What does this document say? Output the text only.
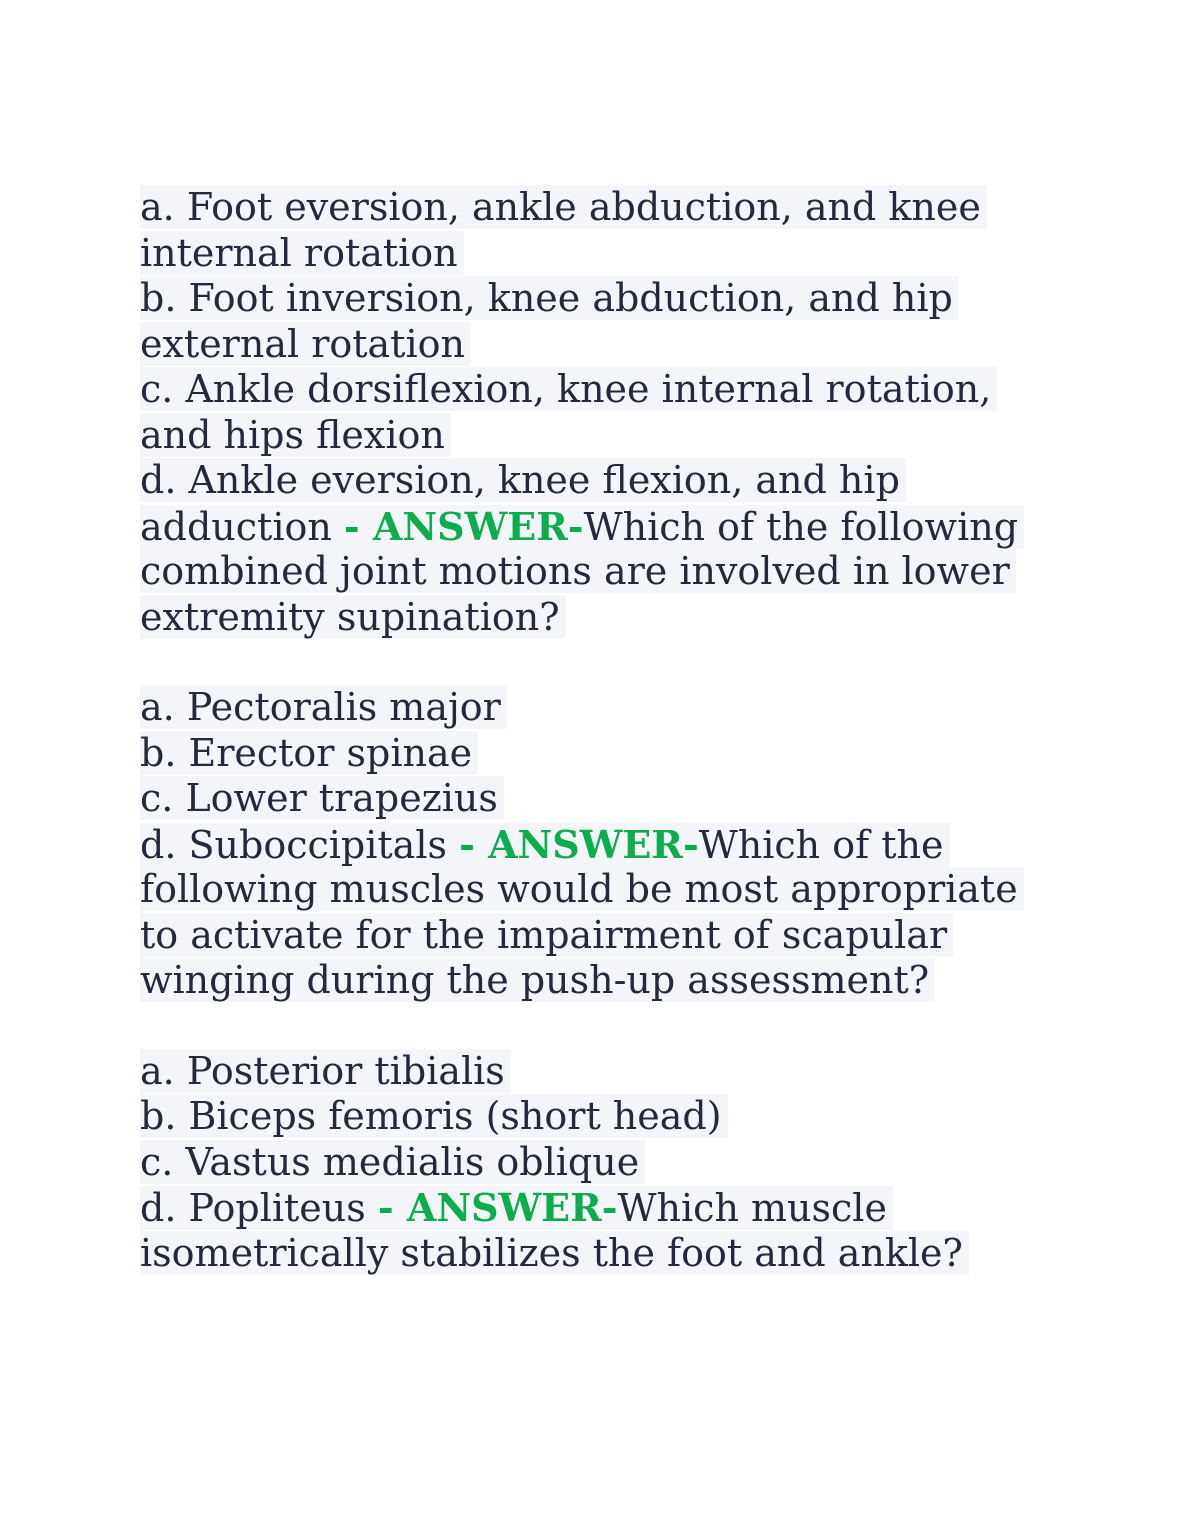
a. Foot eversion, ankle abduction, and knee
internal rotation
b. Foot inversion, knee abduction, and hip
external rotation
c. Ankle dorsiflexion, knee internal rotation,
and hips flexion
d. Ankle eversion, knee flexion, and hip
adduction - ANSWER-Which of the following
combined joint motions are involved in lower
extremity supination?
a. Pectoralis major
b. Erector spinae
c. Lower trapezius
d. Suboccipitals - ANSWER-Which of the
following muscles would be most appropriate
to activate for the impairment of scapular
winging during the push-up assessment?
a. Posterior tibialis
b. Biceps femoris (short head)
c. Vastus medialis oblique
d. Popliteus - ANSWER-Which muscle
isometrically stabilizes the foot and ankle?
